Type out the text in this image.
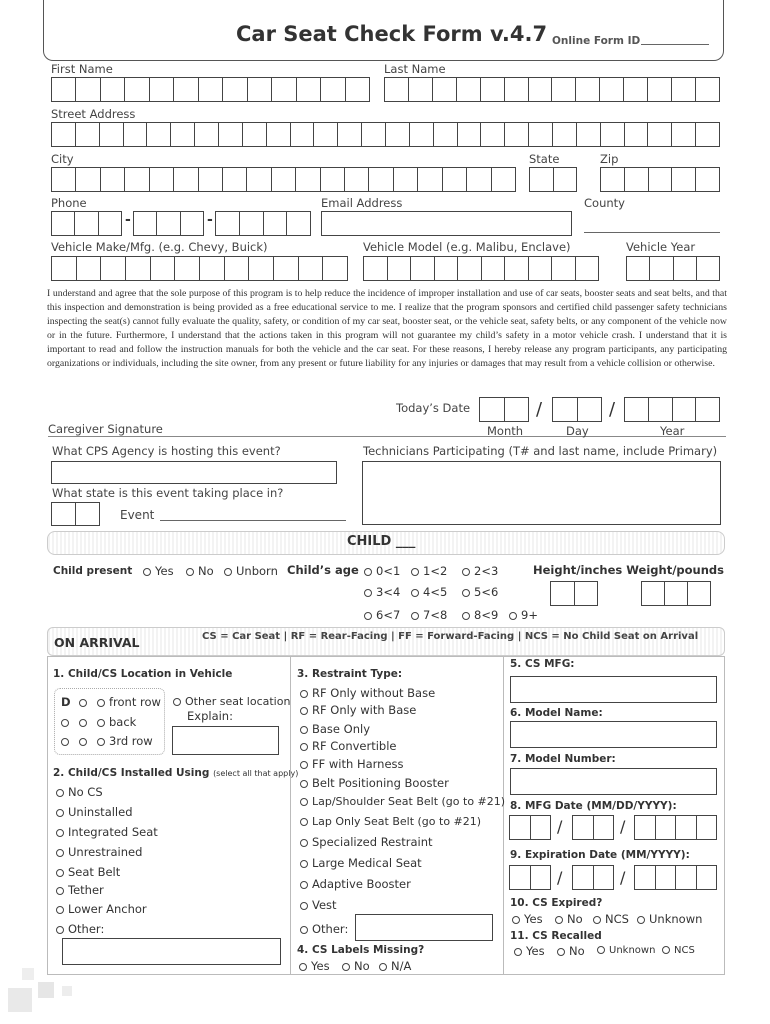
Car Seat Check Form v.4.7 Online Form ID
First Name	Last Name
Street Address
City	State	Zip
Phone	Email Address	County
-	-
Vehicle Make/Mfg. (e.g. Chevy, Buick)	Vehicle Model (e.g. Malibu, Enclave)	Vehicle Year
I understand and agree that the sole purpose of this program is to help reduce the incidence of improper installation and use of car seats, booster seats and seat belts, and that this inspection and demonstration is being provided as a free educational service to me. I realize that the program sponsors and certified child passenger safety technicians inspecting the seat(s) cannot fully evaluate the quality, safety, or condition of my car seat, booster seat, or the vehicle seat, safety belts, or any component of the vehicle now or in the future. Furthermore, I understand that the actions taken in this program will not guarantee my child’s safety in a motor vehicle crash. I understand that it is important to read and follow the instruction manuals for both the vehicle and the car seat. For these reasons, I hereby release any program participants, any participating organizations or individuals, including the site owner, from any present or future liability for any injuries or damages that may result from a vehicle collision or otherwise.
Today’s Date	/	/
Caregiver Signature	Month	Day	Year
What CPS Agency is hosting this event?	Technicians Participating (T# and last name, include Primary)
What state is this event taking place in?
Event
CHILD ___
Child present	Yes	No	Unborn Child’s age	0<1	1<2	2<3
3<4	4<5	5<6
6<7	7<8	8<9	9+
Height/inches Weight/pounds
ON ARRIVAL	CS = Car Seat | RF = Rear-Facing | FF = Forward-Facing | NCS = No Child Seat on Arrival
1. Child/CS Location in Vehicle
D	front row
back
3rd row
Other seat location
Explain:
2. Child/CS Installed Using (select all that apply)
No CS
Uninstalled
Integrated Seat
Unrestrained
Seat Belt
Tether
Lower Anchor
Other:
3. Restraint Type:
RF Only without Base
RF Only with Base
Base Only
RF Convertible
FF with Harness
Belt Positioning Booster
Lap/Shoulder Seat Belt (go to #21)
Lap Only Seat Belt (go to #21)
Specialized Restraint
Large Medical Seat
Adaptive Booster
Vest
Other:
4. CS Labels Missing?
Yes	No	N/A
5. CS MFG:
6. Model Name:
7. Model Number:
8. MFG Date (MM/DD/YYYY):
/	/
9. Expiration Date (MM/YYYY):
/	/
10. CS Expired?
Yes	No	NCS	Unknown
11. CS Recalled
Yes	No	Unknown	NCS
